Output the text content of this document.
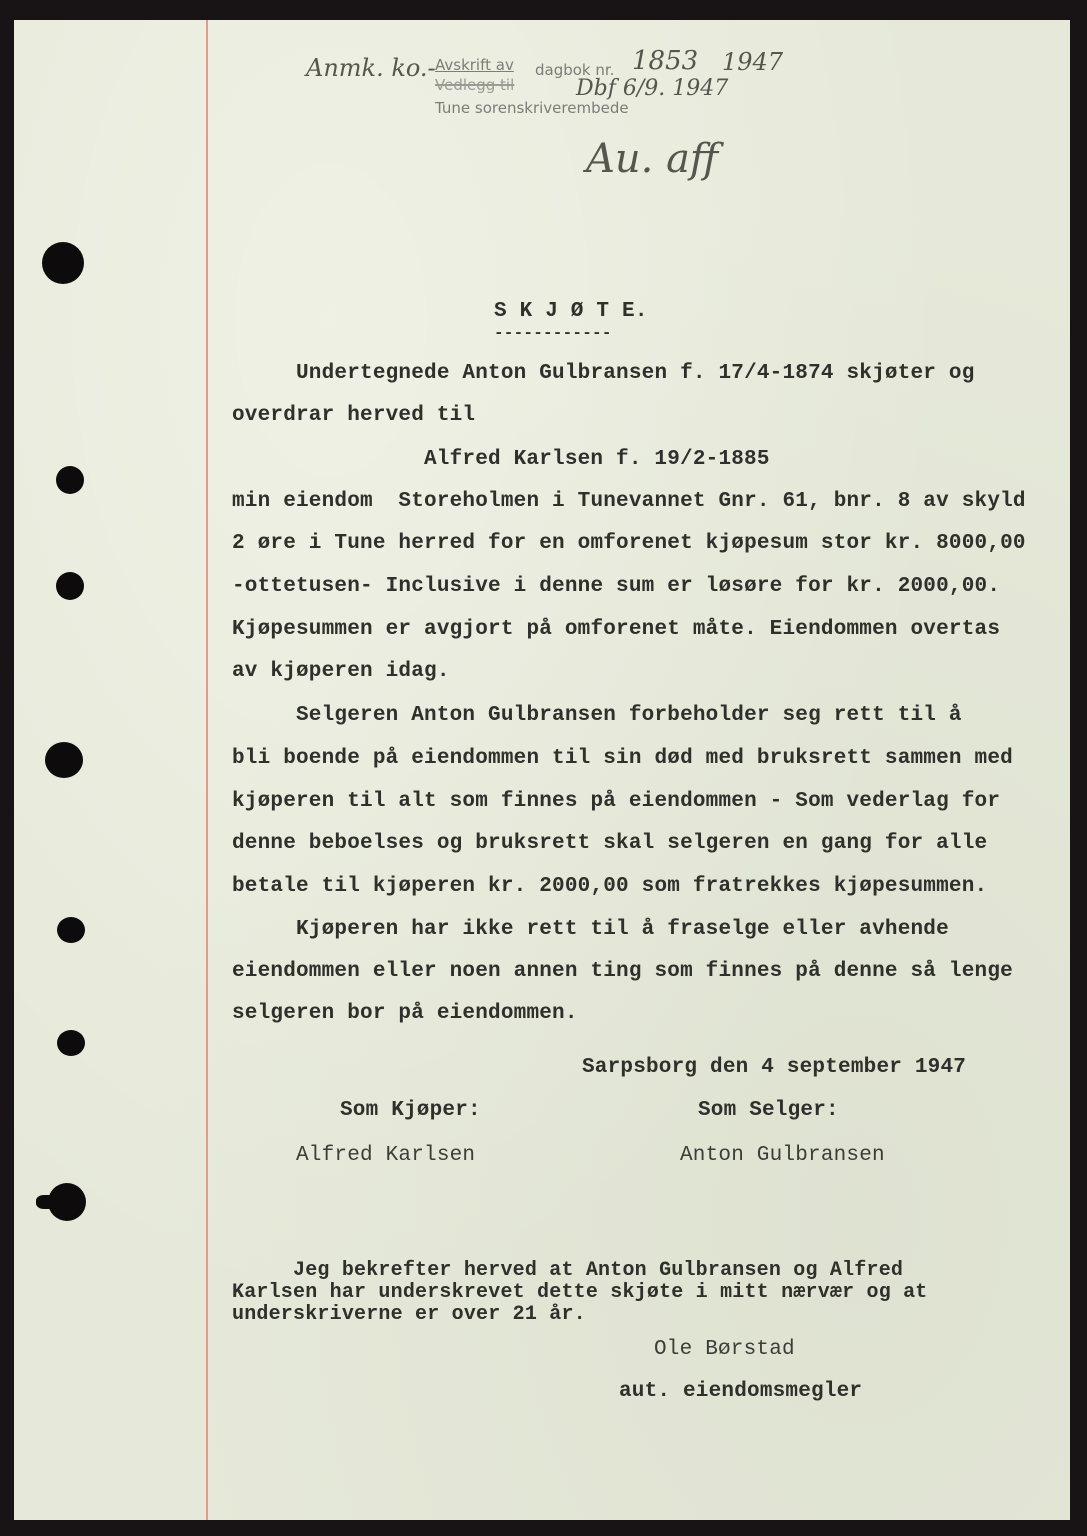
Anmk. ko.- Avskrift av dagbok nr.
Vedlegg til
Tune sorenskriverembede
1853 1947
Dbf 6/9. 1947
Au. aff
S K J Ø T E.
------------
Undertegnede Anton Gulbransen f. 17/4-1874 skjøter og
overdrar herved til
Alfred Karlsen f. 19/2-1885
min eiendom  Storeholmen i Tunevannet Gnr. 61, bnr. 8 av skyld
2 øre i Tune herred for en omforenet kjøpesum stor kr. 8000,00
-ottetusen- Inclusive i denne sum er løsøre for kr. 2000,00.
Kjøpesummen er avgjort på omforenet måte. Eiendommen overtas
av kjøperen idag.
Selgeren Anton Gulbransen forbeholder seg rett til å
bli boende på eiendommen til sin død med bruksrett sammen med
kjøperen til alt som finnes på eiendommen - Som vederlag for
denne beboelses og bruksrett skal selgeren en gang for alle
betale til kjøperen kr. 2000,00 som fratrekkes kjøpesummen.
Kjøperen har ikke rett til å fraselge eller avhende
eiendommen eller noen annen ting som finnes på denne så lenge
selgeren bor på eiendommen.
Sarpsborg den 4 september 1947
Som Kjøper:	Som Selger:
Alfred Karlsen	Anton Gulbransen
Jeg bekrefter herved at Anton Gulbransen og Alfred
Karlsen har underskrevet dette skjøte i mitt nærvær og at
underskriverne er over 21 år.
Ole Børstad
aut. eiendomsmegler
